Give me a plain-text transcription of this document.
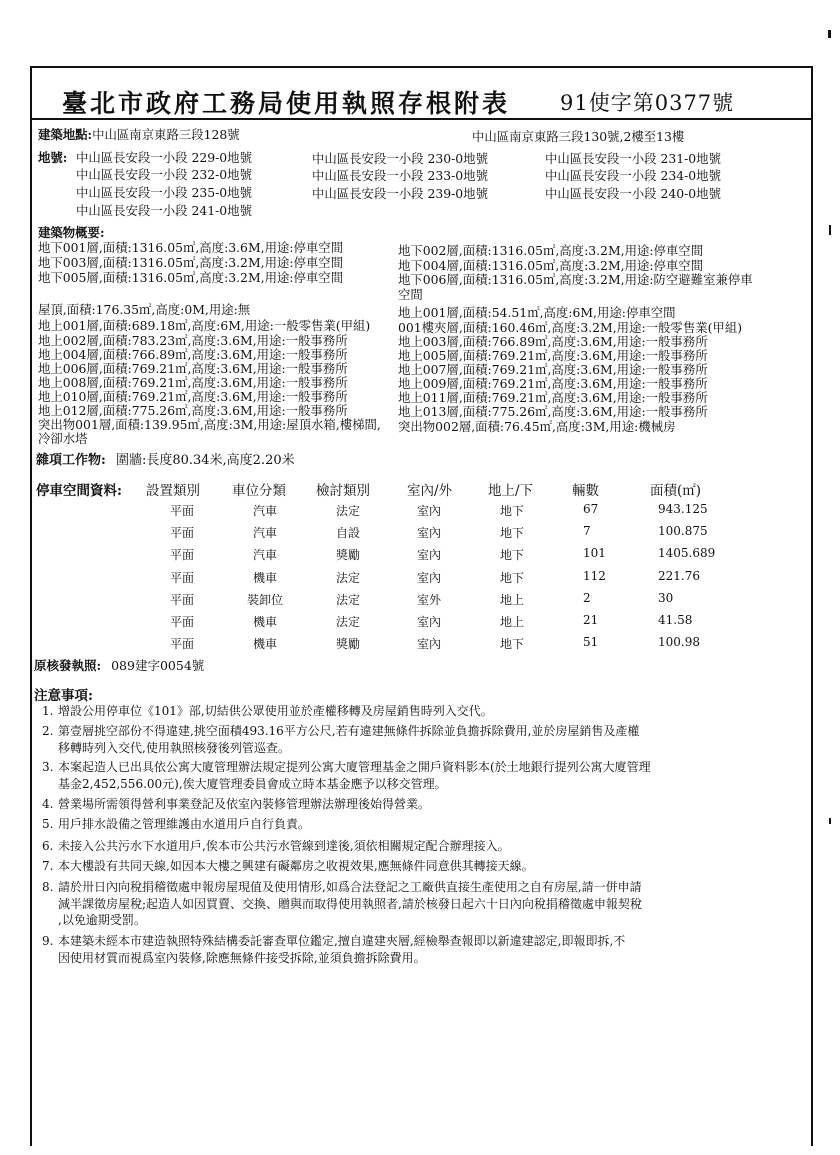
臺北市政府工務局使用執照存根附表 91使字第0377號
建築地點:中山區南京東路三段128號	中山區南京東路三段130號,2樓至13樓
地號: 中山區長安段一小段 229-0地號	中山區長安段一小段 230-0地號	中山區長安段一小段 231-0地號
中山區長安段一小段 232-0地號	中山區長安段一小段 233-0地號	中山區長安段一小段 234-0地號
中山區長安段一小段 235-0地號	中山區長安段一小段 239-0地號	中山區長安段一小段 240-0地號
中山區長安段一小段 241-0地號
建築物概要:
地下001層,面積:1316.05㎡,高度:3.6M,用途:停車空間
地下003層,面積:1316.05㎡,高度:3.2M,用途:停車空間
地下005層,面積:1316.05㎡,高度:3.2M,用途:停車空間
屋頂,面積:176.35㎡,高度:0M,用途:無
地上001層,面積:689.18㎡,高度:6M,用途:一般零售業(甲組)
地上002層,面積:783.23㎡,高度:3.6M,用途:一般事務所
地上004層,面積:766.89㎡,高度:3.6M,用途:一般事務所
地上006層,面積:769.21㎡,高度:3.6M,用途:一般事務所
地上008層,面積:769.21㎡,高度:3.6M,用途:一般事務所
地上010層,面積:769.21㎡,高度:3.6M,用途:一般事務所
地上012層,面積:775.26㎡,高度:3.6M,用途:一般事務所
突出物001層,面積:139.95㎡,高度:3M,用途:屋頂水箱,樓梯間,
冷卻水塔
地下002層,面積:1316.05㎡,高度:3.2M,用途:停車空間
地下004層,面積:1316.05㎡,高度:3.2M,用途:停車空間
地下006層,面積:1316.05㎡,高度:3.2M,用途:防空避難室兼停車
空間
地上001層,面積:54.51㎡,高度:6M,用途:停車空間
001樓夾層,面積:160.46㎡,高度:3.2M,用途:一般零售業(甲組)
地上003層,面積:766.89㎡,高度:3.6M,用途:一般事務所
地上005層,面積:769.21㎡,高度:3.6M,用途:一般事務所
地上007層,面積:769.21㎡,高度:3.6M,用途:一般事務所
地上009層,面積:769.21㎡,高度:3.6M,用途:一般事務所
地上011層,面積:769.21㎡,高度:3.6M,用途:一般事務所
地上013層,面積:775.26㎡,高度:3.6M,用途:一般事務所
突出物002層,面積:76.45㎡,高度:3M,用途:機械房
雜項工作物: 圍牆:長度80.34米,高度2.20米
停車空間資料: 設置類別 車位分類 檢討類別	室內/外	地上/下	輛數	面積(㎡)
平面	汽車	法定	室內	地下	67	943.125
平面	汽車	自設	室內	地下	7	100.875
平面	汽車	獎勵	室內	地下	101	1405.689
平面	機車	法定	室內	地下	112	221.76
平面	裝卸位	法定	室外	地上	2	30
平面	機車	法定	室內	地上	21	41.58
平面	機車	獎勵	室內	地下	51	100.98
原核發執照: 089建字0054號
注意事項:
1. 增設公用停車位《101》部,切結供公眾使用並於產權移轉及房屋銷售時列入交代。
2. 第壹層挑空部份不得違建,挑空面積493.16平方公尺,若有違建無條件拆除並負擔拆除費用,並於房屋銷售及產權
移轉時列入交代,使用執照核發後列管巡查。
3. 本案起造人已出具依公寓大廈管理辦法規定提列公寓大廈管理基金之開戶資料影本(於土地銀行提列公寓大廈管理
基金2,452,556.00元),俟大廈管理委員會成立時本基金應予以移交管理。
4. 營業場所需領得營利事業登記及依室內裝修管理辦法辦理後始得營業。
5. 用戶排水設備之管理維護由水道用戶自行負責。
6. 未接入公共污水下水道用戶,俟本市公共污水管線到達後,須依相關規定配合辦理接入。
7. 本大樓設有共同天線,如因本大樓之興建有礙鄰房之收視效果,應無條件同意供其轉接天線。
8. 請於卅日內向稅捐稽徵處申報房屋現值及使用情形,如爲合法登記之工廠供直接生產使用之自有房屋,請一併申請
減半課徵房屋稅;起造人如因買賣、交換、贈與而取得使用執照者,請於核發日起六十日內向稅捐稽徵處申報契稅
,以免逾期受罰。
9. 本建築未經本市建造執照特殊結構委託審查單位鑑定,擅自違建夾層,經檢舉查報即以新違建認定,即報即拆,不
因使用材質而視爲室內裝修,除應無條件接受拆除,並須負擔拆除費用。
